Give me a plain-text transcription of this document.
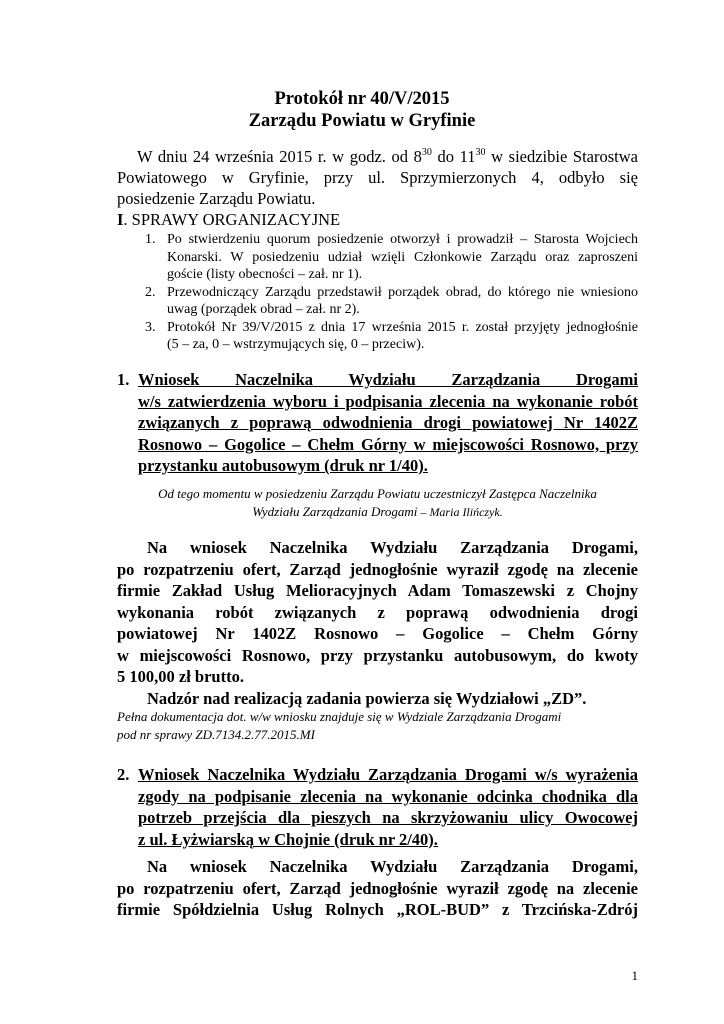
Protokół nr 40/V/2015
Zarządu Powiatu w Gryfinie
W dniu 24 września 2015 r. w godz. od $8^{30}$ do $11^{30}$ w siedzibie Starostwa
Powiatowego w Gryfinie, przy ul. Sprzymierzonych 4, odbyło się
posiedzenie Zarządu Powiatu.
I. SPRAWY ORGANIZACYJNE
1. Po stwierdzeniu quorum posiedzenie otworzył i prowadził – Starosta Wojciech
Konarski. W posiedzeniu udział wzięli Członkowie Zarządu oraz zaproszeni
goście (listy obecności – zał. nr 1).
2. Przewodniczący Zarządu przedstawił porządek obrad, do którego nie wniesiono
uwag (porządek obrad – zał. nr 2).
3. Protokół Nr 39/V/2015 z dnia 17 września 2015 r. został przyjęty jednogłośnie
(5 – za, 0 – wstrzymujących się, 0 – przeciw).
1. Wniosek Naczelnika Wydziału Zarządzania Drogami
w/s zatwierdzenia wyboru i podpisania zlecenia na wykonanie robót
związanych z poprawą odwodnienia drogi powiatowej Nr 1402Z
Rosnowo – Gogolice – Chełm Górny w miejscowości Rosnowo, przy
przystanku autobusowym (druk nr 1/40).
Od tego momentu w posiedzeniu Zarządu Powiatu uczestniczył Zastępca Naczelnika
Wydziału Zarządzania Drogami – Maria Ilińczyk.
Na wniosek Naczelnika Wydziału Zarządzania Drogami,
po rozpatrzeniu ofert, Zarząd jednogłośnie wyraził zgodę na zlecenie
firmie Zakład Usług Melioracyjnych Adam Tomaszewski z Chojny
wykonania robót związanych z poprawą odwodnienia drogi
powiatowej Nr 1402Z Rosnowo – Gogolice – Chełm Górny
w miejscowości Rosnowo, przy przystanku autobusowym, do kwoty
5 100,00 zł brutto.
Nadzór nad realizacją zadania powierza się Wydziałowi „ZD”.
Pełna dokumentacja dot. w/w wniosku znajduje się w Wydziale Zarządzania Drogami
pod nr sprawy ZD.7134.2.77.2015.MI
2. Wniosek Naczelnika Wydziału Zarządzania Drogami w/s wyrażenia
zgody na podpisanie zlecenia na wykonanie odcinka chodnika dla
potrzeb przejścia dla pieszych na skrzyżowaniu ulicy Owocowej
z ul. Łyżwiarską w Chojnie (druk nr 2/40).
Na wniosek Naczelnika Wydziału Zarządzania Drogami,
po rozpatrzeniu ofert, Zarząd jednogłośnie wyraził zgodę na zlecenie
firmie Spółdzielnia Usług Rolnych „ROL-BUD” z Trzcińska-Zdrój
1
